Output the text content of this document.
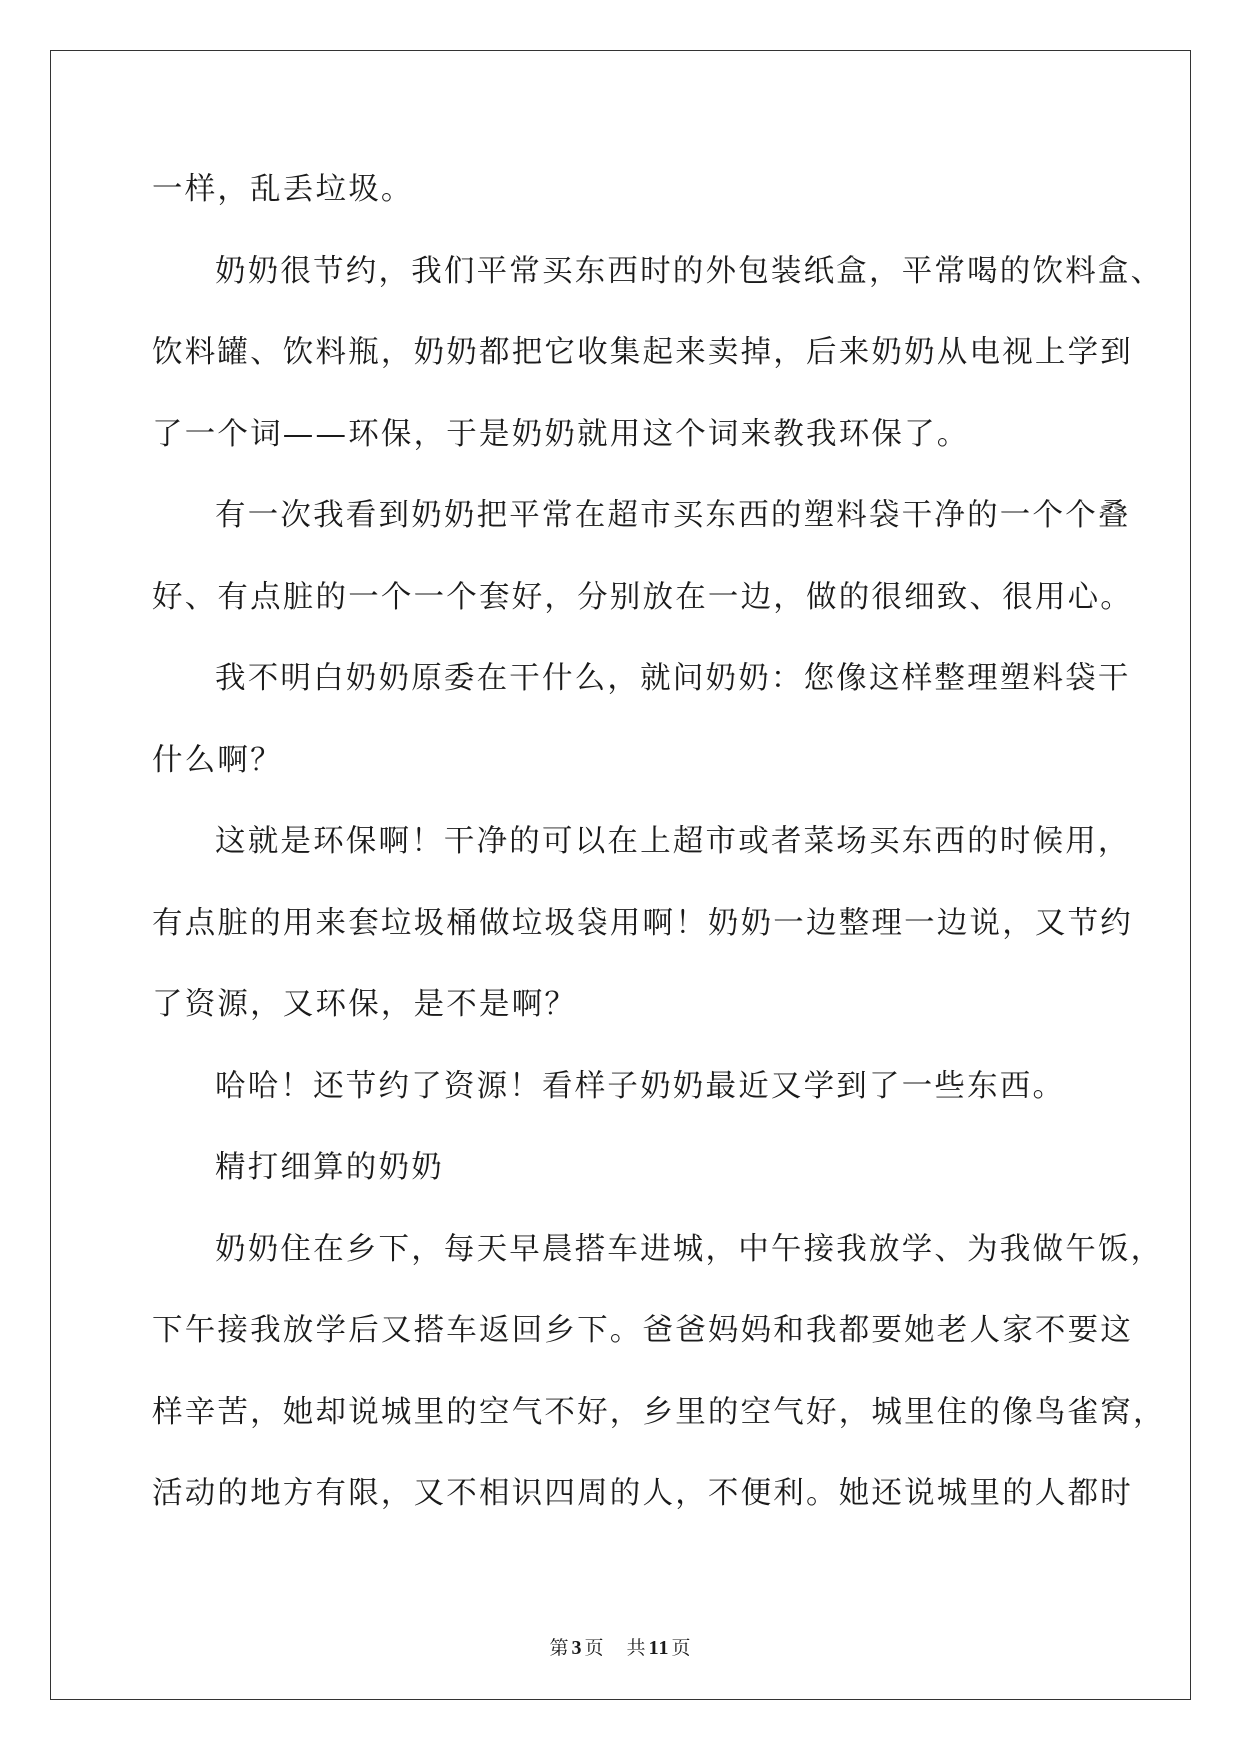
一样，乱丢垃圾。
奶奶很节约，我们平常买东西时的外包装纸盒，平常喝的饮料盒、
饮料罐、饮料瓶，奶奶都把它收集起来卖掉，后来奶奶从电视上学到
了一个词——环保，于是奶奶就用这个词来教我环保了。
有一次我看到奶奶把平常在超市买东西的塑料袋干净的一个个叠
好、有点脏的一个一个套好，分别放在一边，做的很细致、很用心。
我不明白奶奶原委在干什么，就问奶奶：您像这样整理塑料袋干
什么啊？
这就是环保啊！干净的可以在上超市或者菜场买东西的时候用，
有点脏的用来套垃圾桶做垃圾袋用啊！奶奶一边整理一边说，又节约
了资源，又环保，是不是啊？
哈哈！还节约了资源！看样子奶奶最近又学到了一些东西。
精打细算的奶奶
奶奶住在乡下，每天早晨搭车进城，中午接我放学、为我做午饭，
下午接我放学后又搭车返回乡下。爸爸妈妈和我都要她老人家不要这
样辛苦，她却说城里的空气不好，乡里的空气好，城里住的像鸟雀窝，
活动的地方有限，又不相识四周的人，不便利。她还说城里的人都时
第 3 页 共 11 页
